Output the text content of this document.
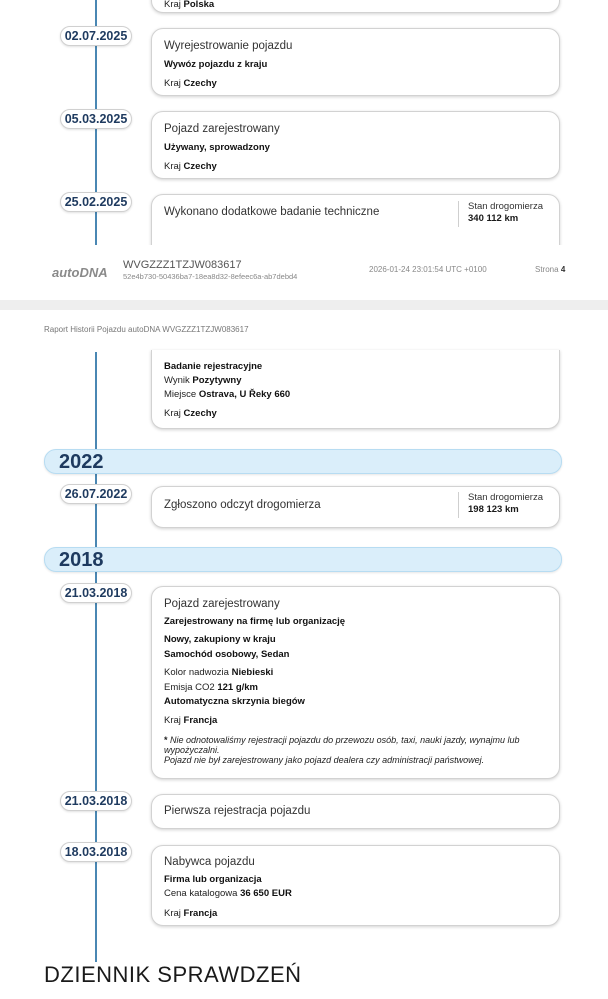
Kraj Polska
02.07.2025
Wyrejestrowanie pojazdu
Wywóz pojazdu z kraju
Kraj Czechy
05.03.2025
Pojazd zarejestrowany
Używany, sprowadzony
Kraj Czechy
25.02.2025
Wykonano dodatkowe badanie techniczne	Stan drogomierza
340 112 km
autoDNA WVGZZZ1TZJW083617
52e4b730-50436ba7-18ea8d32-8efeec6a-ab7debd4
2026-01-24 23:01:54 UTC +0100	Strona 4
Raport Historii Pojazdu autoDNA WVGZZZ1TZJW083617
Badanie rejestracyjne
Wynik Pozytywny
Miejsce Ostrava, U Řeky 660
Kraj Czechy
2022
26.07.2022
Zgłoszono odczyt drogomierza
Stan drogomierza
198 123 km
2018
21.03.2018
Pojazd zarejestrowany
Zarejestrowany na firmę lub organizację
Nowy, zakupiony w kraju
Samochód osobowy, Sedan
Kolor nadwozia Niebieski
Emisja CO2 121 g/km
Automatyczna skrzynia biegów
Kraj Francja
* Nie odnotowaliśmy rejestracji pojazdu do przewozu osób, taxi, nauki jazdy, wynajmu lub wypożyczalni.
Pojazd nie był zarejestrowany jako pojazd dealera czy administracji państwowej.
21.03.2018
Pierwsza rejestracja pojazdu
18.03.2018
Nabywca pojazdu
Firma lub organizacja
Cena katalogowa 36 650 EUR
Kraj Francja
DZIENNIK SPRAWDZEŃ
